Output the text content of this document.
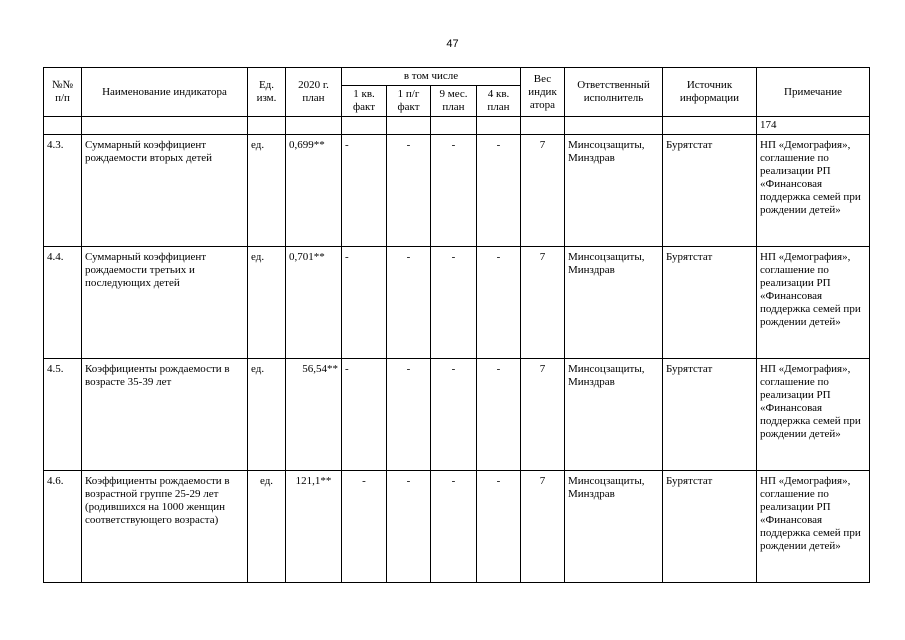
47
№№ п/п	Наименование индикатора	Ед. изм.	2020 г. план	в том числе				Вес индик атора	Ответственный исполнитель	Источник информации	Примечание
				1 кв. факт	1 п/г факт	9 мес. план	4 кв. план				
											174
4.3.	Суммарный коэффициент рождаемости вторых детей	ед.	0,699**	-	-	-	-	7	Минсоцзащиты, Минздрав	Бурятстат	НП «Демография», соглашение по реализации РП «Финансовая поддержка семей при рождении детей»
4.4.	Суммарный коэффициент рождаемости третьих и последующих детей	ед.	0,701**	-	-	-	-	7	Минсоцзащиты, Минздрав	Бурятстат	НП «Демография», соглашение по реализации РП «Финансовая поддержка семей при рождении детей»
4.5.	Коэффициенты рождаемости в возрасте 35-39 лет	ед.	56,54**	-	-	-	-	7	Минсоцзащиты, Минздрав	Бурятстат	НП «Демография», соглашение по реализации РП «Финансовая поддержка семей при рождении детей»
4.6.	Коэффициенты рождаемости в возрастной группе 25-29 лет (родившихся на 1000 женщин соответствующего возраста)	ед.	121,1**	-	-	-	-	7	Минсоцзащиты, Минздрав	Бурятстат	НП «Демография», соглашение по реализации РП «Финансовая поддержка семей при рождении детей»
